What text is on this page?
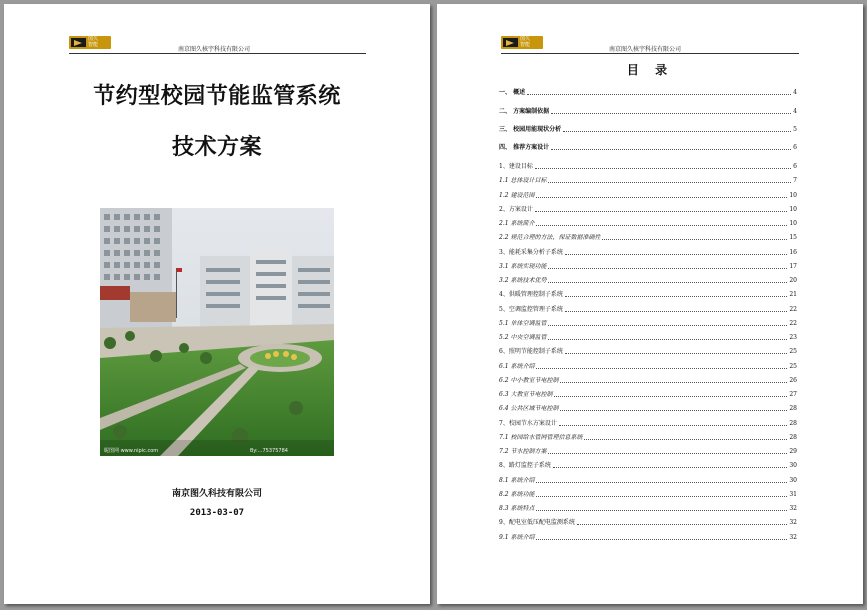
图久
智能
南京图久核宇科技有限公司
节约型校园节能监管系统
技术方案
昵图网 www.nipic.com	By:...75375784
南京图久科技有限公司
2013-03-07
图久
智能
南京图久核宇科技有限公司
目 录
一、 概述	4
二、 方案编制依据	4
三、 校园用能现状分析	5
四、 推荐方案设计	6
1、建设目标	6
1.1 总体设计目标	7
1.2 建设范围	10
2、方案设计	10
2.1 系统简介	10
2.2 规范合理的方法，保证数据准确性	15
3、能耗采集分析子系统	16
3.1 系统实现功能	17
3.2 系统技术优势	20
4、供暖管理控制子系统	21
5、空调监控管理子系统	22
5.1 单体空调监管	22
5.2 中央空调监管	23
6、照明节能控制子系统	25
6.1 系统介绍	25
6.2 中小教室节电控制	26
6.3 大教室节电控制	27
6.4 公共区域节电控制	28
7、校园节水方案设计	28
7.1 校园给水管网管理信息系统	28
7.2 节水控制方案	29
8、路灯监控子系统	30
8.1 系统介绍	30
8.2 系统功能	31
8.3 系统特点	32
9、配电室低压配电监测系统	32
9.1 系统介绍	32
